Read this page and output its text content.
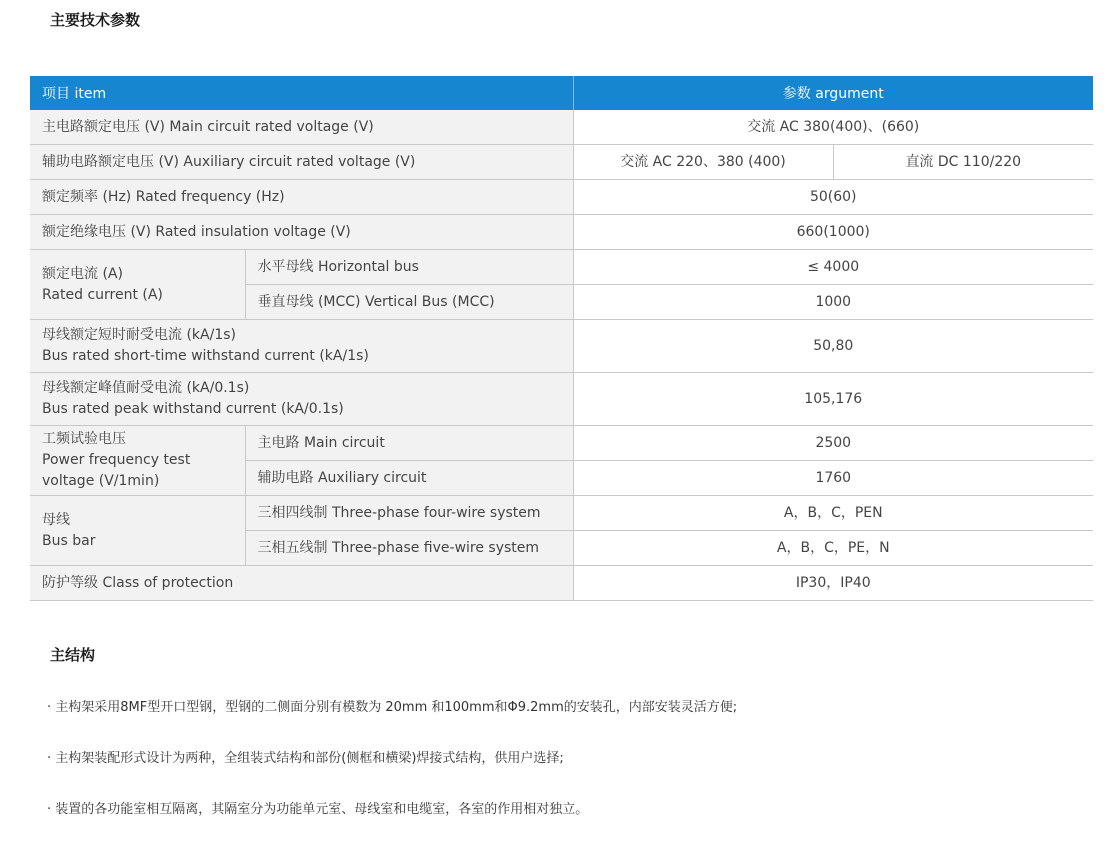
主要技术参数
项目 item		参数 argument	
主电路额定电压 (V) Main circuit rated voltage (V)		交流 AC 380(400)、(660)	
辅助电路额定电压 (V) Auxiliary circuit rated voltage (V)		交流 AC 220、380 (400)	直流 DC 110/220
额定频率 (Hz) Rated frequency (Hz)		50(60)	
额定绝缘电压 (V) Rated insulation voltage (V)		660(1000)	

额定电流 (A)
Rated current (A)	水平母线 Horizontal bus	≤ 4000	
	垂直母线 (MCC) Vertical Bus (MCC)	1000	

母线额定短时耐受电流 (kA/1s)
Bus rated short-time withstand current (kA/1s)		50,80	

母线额定峰值耐受电流 (kA/0.1s)
Bus rated peak withstand current (kA/0.1s)		105,176	

工频试验电压
Power frequency test
voltage (V/1min)	主电路 Main circuit	2500	
	辅助电路 Auxiliary circuit	1760	

母线
Bus bar	三相四线制 Three-phase four-wire system	A，B，C，PEN	
	三相五线制 Three-phase five-wire system	A，B，C，PE，N	
防护等级 Class of protection		IP30，IP40	
主结构

· 主构架采用8MF型开口型钢，型钢的二侧面分别有模数为 20mm 和100mm和Φ9.2mm的安装孔，内部安装灵活方便;

· 主构架装配形式设计为两种，全组装式结构和部份(侧框和横梁)焊接式结构，供用户选择;

· 装置的各功能室相互隔离，其隔室分为功能单元室、母线室和电缆室，各室的作用相对独立。
